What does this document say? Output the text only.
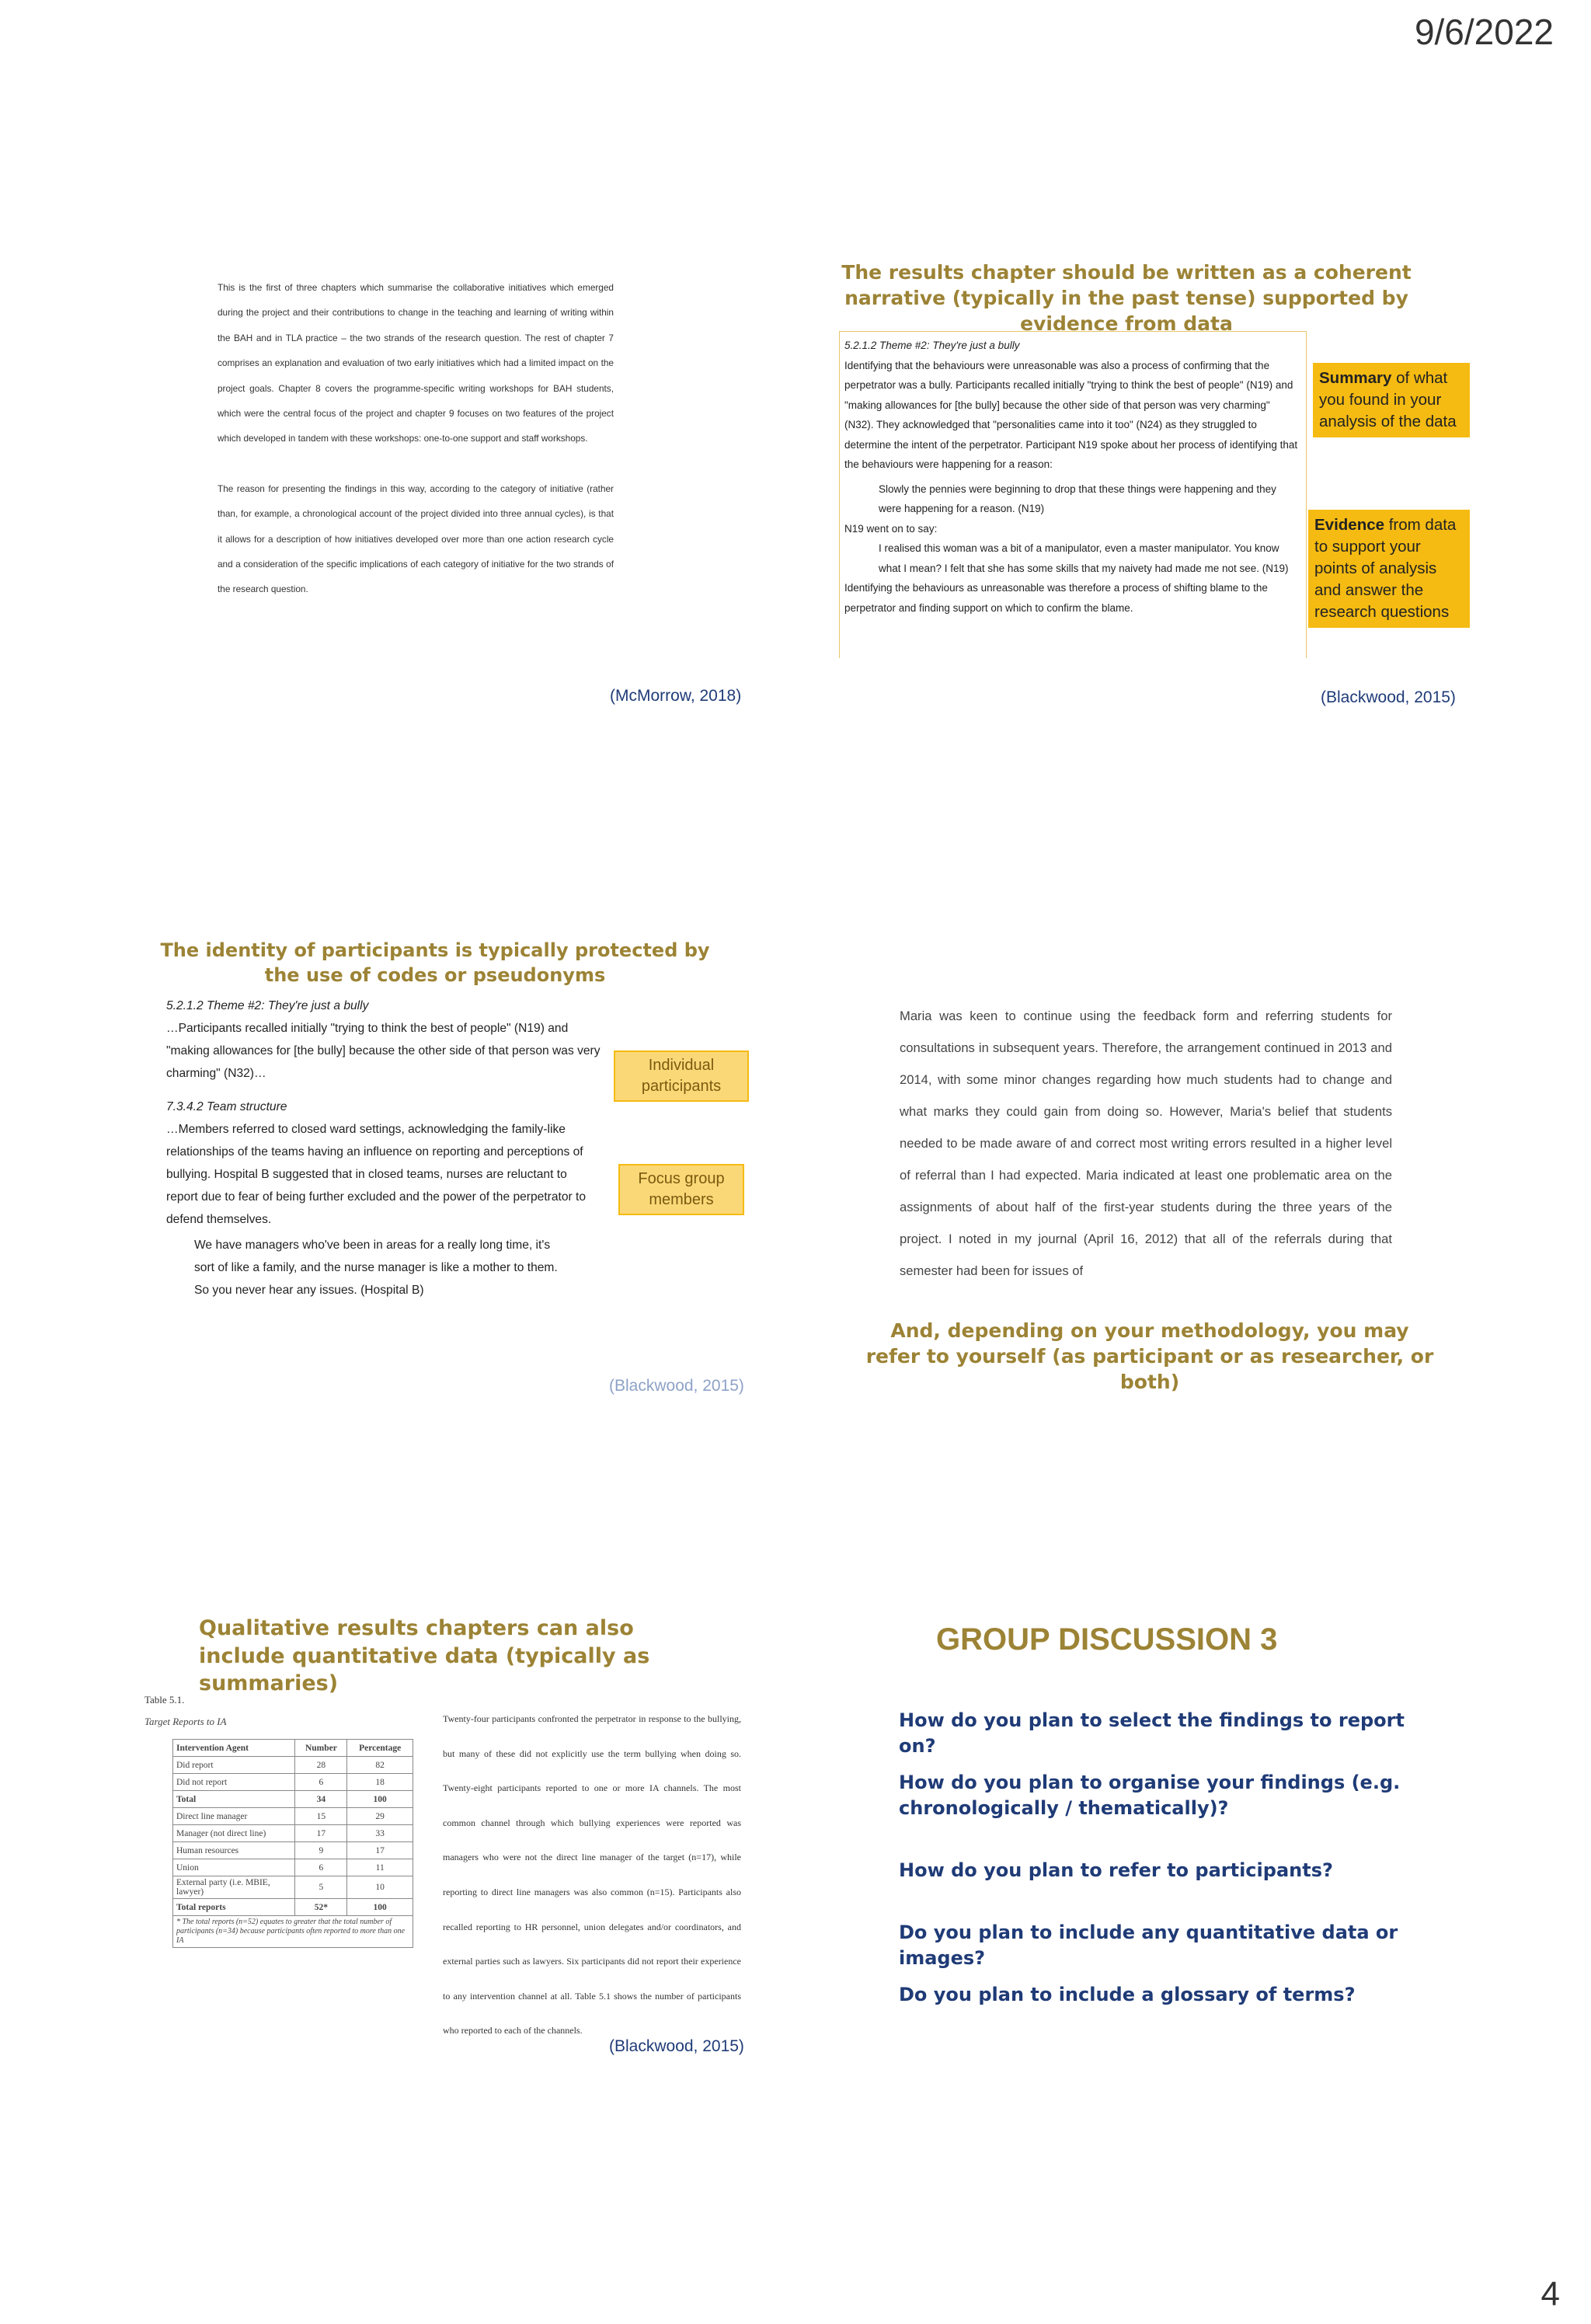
9/6/2022
4

This is the first of three chapters which summarise the collaborative initiatives which emerged during the project and their contributions to change in the teaching and learning of writing within the BAH and in TLA practice – the two strands of the research question. The rest of chapter 7 comprises an explanation and evaluation of two early initiatives which had a limited impact on the project goals. Chapter 8 covers the programme-specific writing workshops for BAH students, which were the central focus of the project and chapter 9 focuses on two features of the project which developed in tandem with these workshops: one-to-one support and staff workshops.

The reason for presenting the findings in this way, according to the category of initiative (rather than, for example, a chronological account of the project divided into three annual cycles), is that it allows for a description of how initiatives developed over more than one action research cycle and a consideration of the specific implications of each category of initiative for the two strands of the research question.

(McMorrow, 2018)
The results chapter should be written as a coherent narrative (typically in the past tense) supported by evidence from data

5.2.1.2 Theme #2: They're just a bully

Identifying that the behaviours were unreasonable was also a process of confirming that the perpetrator was a bully. Participants recalled initially "trying to think the best of people" (N19) and "making allowances for [the bully] because the other side of that person was very charming" (N32). They acknowledged that "personalities came into it too" (N24) as they struggled to determine the intent of the perpetrator. Participant N19 spoke about her process of identifying that the behaviours were happening for a reason:

Slowly the pennies were beginning to drop that these things were happening and they were happening for a reason. (N19)

N19 went on to say:

I realised this woman was a bit of a manipulator, even a master manipulator. You know what I mean? I felt that she has some skills that my naivety had made me not see. (N19)

Identifying the behaviours as unreasonable was therefore a process of shifting blame to the perpetrator and finding support on which to confirm the blame.

Summary of what you found in your analysis of the data
Evidence from data to support your points of analysis and answer the research questions
(Blackwood, 2015)
The identity of participants is typically protected by the use of codes or pseudonyms

5.2.1.2 Theme #2: They're just a bully

…Participants recalled initially "trying to think the best of people" (N19) and "making allowances for [the bully] because the other side of that person was very charming" (N32)…

7.3.4.2 Team structure

…Members referred to closed ward settings, acknowledging the family-like relationships of the teams having an influence on reporting and perceptions of bullying. Hospital B suggested that in closed teams, nurses are reluctant to report due to fear of being further excluded and the power of the perpetrator to defend themselves.

We have managers who've been in areas for a really long time, it's sort of like a family, and the nurse manager is like a mother to them. So you never hear any issues. (Hospital B)

Individual participants
Focus group members
(Blackwood, 2015)
Maria was keen to continue using the feedback form and referring students for consultations in subsequent years. Therefore, the arrangement continued in 2013 and 2014, with some minor changes regarding how much students had to change and what marks they could gain from doing so. However, Maria's belief that students needed to be made aware of and correct most writing errors resulted in a higher level of referral than I had expected. Maria indicated at least one problematic area on the assignments of about half of the first-year students during the three years of the project. I noted in my journal (April 16, 2012) that all of the referrals during that semester had been for issues of
And, depending on your methodology, you may refer to yourself (as participant or as researcher, or both)
Qualitative results chapters can also include quantitative data (typically as summaries)
Table 5.1.
Target Reports to IA
Intervention Agent	Number	Percentage
Did report	28	82
Did not report	6	18
Total	34	100
Direct line manager	15	29
Manager (not direct line)	17	33
Human resources	9	17
Union	6	11
External party (i.e. MBIE, lawyer)	5	10
Total reports	52*	100
* The total reports (n=52) equates to greater that the total number of participants (n=34) because participants often reported to more than one IA		
Twenty-four participants confronted the perpetrator in response to the bullying, but many of these did not explicitly use the term bullying when doing so. Twenty-eight participants reported to one or more IA channels. The most common channel through which bullying experiences were reported was managers who were not the direct line manager of the target (n=17), while reporting to direct line managers was also common (n=15). Participants also recalled reporting to HR personnel, union delegates and/or coordinators, and external parties such as lawyers. Six participants did not report their experience to any intervention channel at all. Table 5.1 shows the number of participants who reported to each of the channels.
(Blackwood, 2015)
GROUP DISCUSSION 3
How do you plan to select the findings to report on?
How do you plan to organise your findings (e.g. chronologically / thematically)?
How do you plan to refer to participants?
Do you plan to include any quantitative data or images?
Do you plan to include a glossary of terms?
